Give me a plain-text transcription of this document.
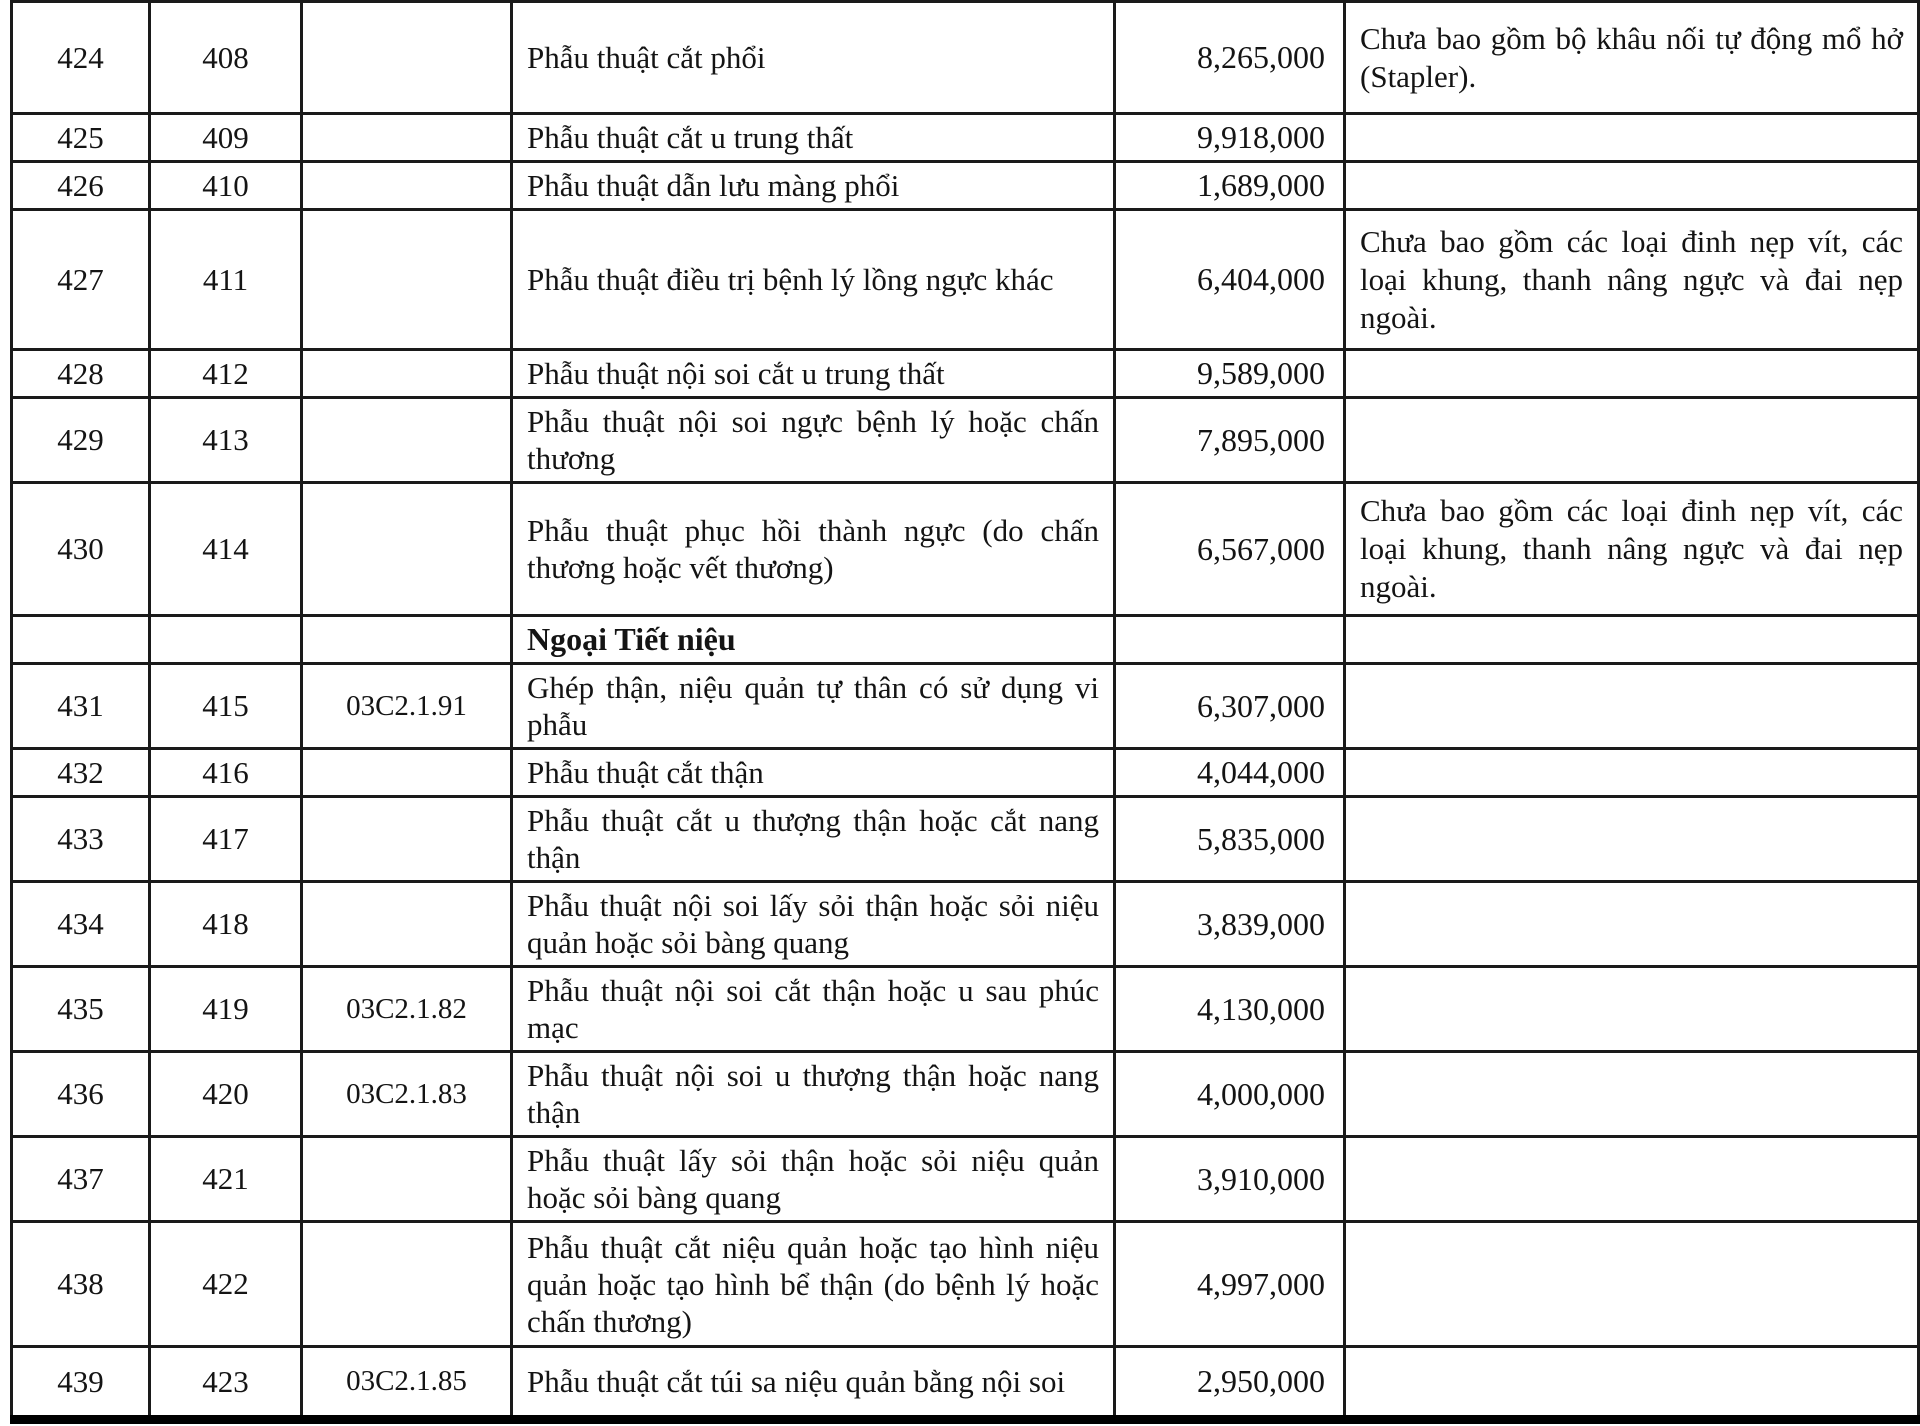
424	408		Phẫu thuật cắt phổi	8,265,000	Chưa bao gồm bộ khâu nối tự động mổ hở (Stapler).
425	409		Phẫu thuật cắt u trung thất	9,918,000	
426	410		Phẫu thuật dẫn lưu màng phổi	1,689,000	
427	411		Phẫu thuật điều trị bệnh lý lồng ngực khác	6,404,000	Chưa bao gồm các loại đinh nẹp vít, các loại khung, thanh nâng ngực và đai nẹp ngoài.
428	412		Phẫu thuật nội soi cắt u trung thất	9,589,000	
429	413		Phẫu thuật nội soi ngực bệnh lý hoặc chấn thương	7,895,000	
430	414		Phẫu thuật phục hồi thành ngực (do chấn thương hoặc vết thương)	6,567,000	Chưa bao gồm các loại đinh nẹp vít, các loại khung, thanh nâng ngực và đai nẹp ngoài.
			Ngoại Tiết niệu		
431	415	03C2.1.91	Ghép thận, niệu quản tự thân có sử dụng vi phẫu	6,307,000	
432	416		Phẫu thuật cắt thận	4,044,000	
433	417		Phẫu thuật cắt u thượng thận hoặc cắt nang thận	5,835,000	
434	418		Phẫu thuật nội soi lấy sỏi thận hoặc sỏi niệu quản hoặc sỏi bàng quang	3,839,000	
435	419	03C2.1.82	Phẫu thuật nội soi cắt thận hoặc u sau phúc mạc	4,130,000	
436	420	03C2.1.83	Phẫu thuật nội soi u thượng thận hoặc nang thận	4,000,000	
437	421		Phẫu thuật lấy sỏi thận hoặc sỏi niệu quản hoặc sỏi bàng quang	3,910,000	
438	422		Phẫu thuật cắt niệu quản hoặc tạo hình niệu quản hoặc tạo hình bể thận (do bệnh lý hoặc chấn thương)	4,997,000	
439	423	03C2.1.85	Phẫu thuật cắt túi sa niệu quản bằng nội soi	2,950,000	
